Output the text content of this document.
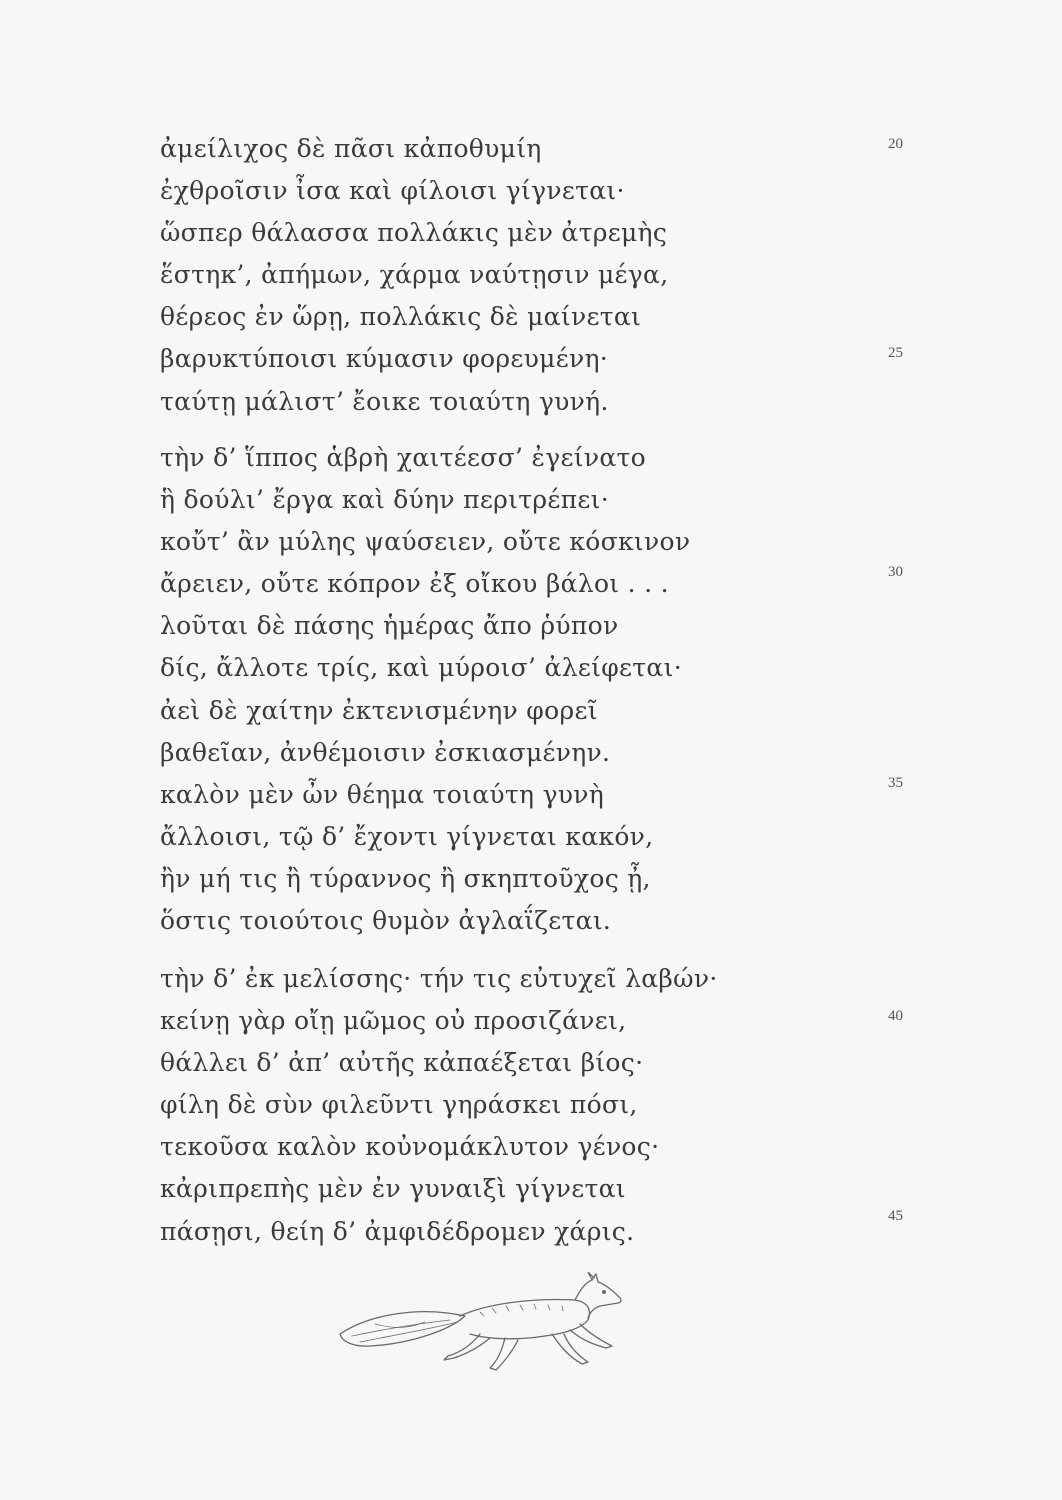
ἀμείλιχος δὲ πᾶσι κἀποθυμίη
ἐχθροῖσιν ἶσα καὶ φίλοισι γίγνεται·
ὥσπερ θάλασσα πολλάκις μὲν ἀτρεμὴς
ἕστηκ’, ἀπήμων, χάρμα ναύτῃσιν μέγα,
θέρεος ἐν ὥρῃ, πολλάκις δὲ μαίνεται
βαρυκτύποισι κύμασιν φορευμένη·
ταύτῃ μάλιστ’ ἔοικε τοιαύτη γυνή.
τὴν δ’ ἵππος ἁβρὴ χαιτέεσσ’ ἐγείνατο
ἣ δούλι’ ἔργα καὶ δύην περιτρέπει·
κοὔτ’ ἂν μύλης ψαύσειεν, οὔτε κόσκινον
ἄρειεν, οὔτε κόπρον ἐξ οἴκου βάλοι . . .
λοῦται δὲ πάσης ἡμέρας ἄπο ῥύπον
δίς, ἄλλοτε τρίς, καὶ μύροισ’ ἀλείφεται·
ἀεὶ δὲ χαίτην ἐκτενισμένην φορεῖ
βαθεῖαν, ἀνθέμοισιν ἐσκιασμένην.
καλὸν μὲν ὦν θέημα τοιαύτη γυνὴ
ἄλλοισι, τῷ δ’ ἔχοντι γίγνεται κακόν,
ἢν μή τις ἢ τύραννος ἢ σκηπτοῦχος ᾖ,
ὅστις τοιούτοις θυμὸν ἀγλαΐζεται.
τὴν δ’ ἐκ μελίσσης· τήν τις εὐτυχεῖ λαβών·
κείνῃ γὰρ οἴῃ μῶμος οὐ προσιζάνει,
θάλλει δ’ ἀπ’ αὐτῆς κἀπαέξεται βίος·
φίλη δὲ σὺν φιλεῦντι γηράσκει πόσι,
τεκοῦσα καλὸν κοὐνομάκλυτον γένος·
κἀριπρεπὴς μὲν ἐν γυναιξὶ γίγνεται
πάσῃσι, θείη δ’ ἀμφιδέδρομεν χάρις.
20
25
30
35
40
45
